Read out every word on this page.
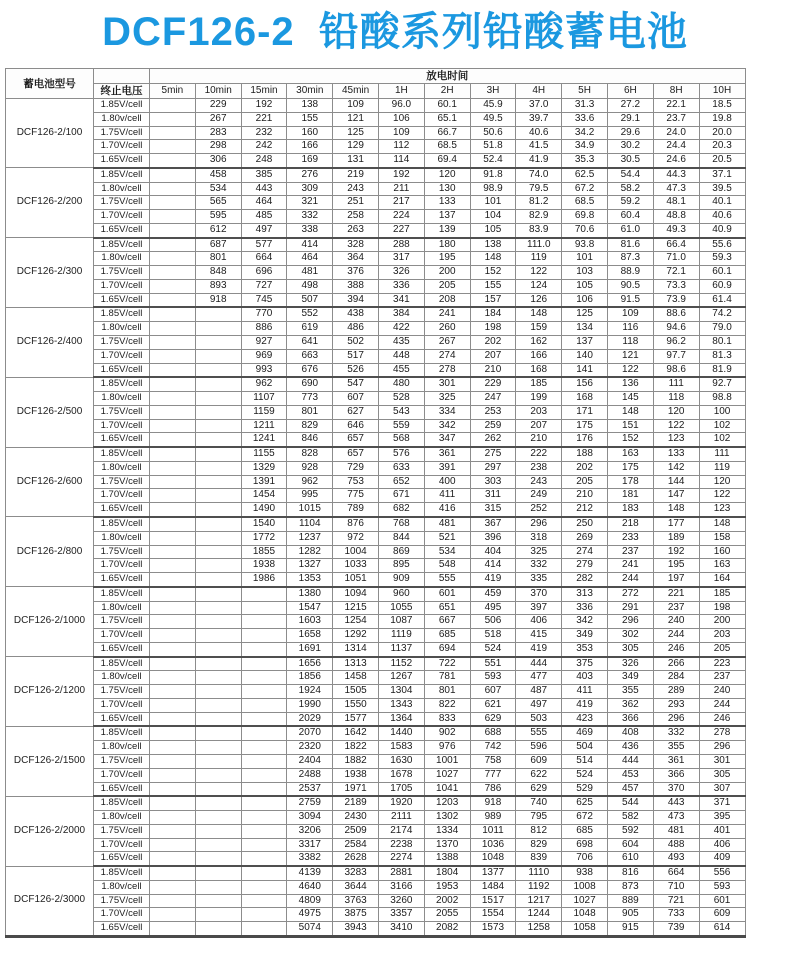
DCF126-2  铅酸系列铅酸蓄电池
蓄电池型号		放电时间												
	终止电压	5min	10min	15min	30min	45min	1H	2H	3H	4H	5H	6H	8H	10H
DCF126-2/100	1.85V/cell		229	192	138	109	96.0	60.1	45.9	37.0	31.3	27.2	22.1	18.5
	1.80v/cell		267	221	155	121	106	65.1	49.5	39.7	33.6	29.1	23.7	19.8
	1.75V/cell		283	232	160	125	109	66.7	50.6	40.6	34.2	29.6	24.0	20.0
	1.70V/cell		298	242	166	129	112	68.5	51.8	41.5	34.9	30.2	24.4	20.3
	1.65V/cell		306	248	169	131	114	69.4	52.4	41.9	35.3	30.5	24.6	20.5
DCF126-2/200	1.85V/cell		458	385	276	219	192	120	91.8	74.0	62.5	54.4	44.3	37.1
	1.80v/cell		534	443	309	243	211	130	98.9	79.5	67.2	58.2	47.3	39.5
	1.75V/cell		565	464	321	251	217	133	101	81.2	68.5	59.2	48.1	40.1
	1.70V/cell		595	485	332	258	224	137	104	82.9	69.8	60.4	48.8	40.6
	1.65V/cell		612	497	338	263	227	139	105	83.9	70.6	61.0	49.3	40.9
DCF126-2/300	1.85V/cell		687	577	414	328	288	180	138	111.0	93.8	81.6	66.4	55.6
	1.80v/cell		801	664	464	364	317	195	148	119	101	87.3	71.0	59.3
	1.75V/cell		848	696	481	376	326	200	152	122	103	88.9	72.1	60.1
	1.70V/cell		893	727	498	388	336	205	155	124	105	90.5	73.3	60.9
	1.65V/cell		918	745	507	394	341	208	157	126	106	91.5	73.9	61.4
DCF126-2/400	1.85V/cell			770	552	438	384	241	184	148	125	109	88.6	74.2
	1.80v/cell			886	619	486	422	260	198	159	134	116	94.6	79.0
	1.75V/cell			927	641	502	435	267	202	162	137	118	96.2	80.1
	1.70V/cell			969	663	517	448	274	207	166	140	121	97.7	81.3
	1.65V/cell			993	676	526	455	278	210	168	141	122	98.6	81.9
DCF126-2/500	1.85V/cell			962	690	547	480	301	229	185	156	136	111	92.7
	1.80v/cell			1107	773	607	528	325	247	199	168	145	118	98.8
	1.75V/cell			1159	801	627	543	334	253	203	171	148	120	100
	1.70V/cell			1211	829	646	559	342	259	207	175	151	122	102
	1.65V/cell			1241	846	657	568	347	262	210	176	152	123	102
DCF126-2/600	1.85V/cell			1155	828	657	576	361	275	222	188	163	133	111
	1.80v/cell			1329	928	729	633	391	297	238	202	175	142	119
	1.75V/cell			1391	962	753	652	400	303	243	205	178	144	120
	1.70V/cell			1454	995	775	671	411	311	249	210	181	147	122
	1.65V/cell			1490	1015	789	682	416	315	252	212	183	148	123
DCF126-2/800	1.85V/cell			1540	1104	876	768	481	367	296	250	218	177	148
	1.80v/cell			1772	1237	972	844	521	396	318	269	233	189	158
	1.75V/cell			1855	1282	1004	869	534	404	325	274	237	192	160
	1.70V/cell			1938	1327	1033	895	548	414	332	279	241	195	163
	1.65V/cell			1986	1353	1051	909	555	419	335	282	244	197	164
DCF126-2/1000	1.85V/cell				1380	1094	960	601	459	370	313	272	221	185
	1.80v/cell				1547	1215	1055	651	495	397	336	291	237	198
	1.75V/cell				1603	1254	1087	667	506	406	342	296	240	200
	1.70V/cell				1658	1292	1119	685	518	415	349	302	244	203
	1.65V/cell				1691	1314	1137	694	524	419	353	305	246	205
DCF126-2/1200	1.85V/cell				1656	1313	1152	722	551	444	375	326	266	223
	1.80v/cell				1856	1458	1267	781	593	477	403	349	284	237
	1.75V/cell				1924	1505	1304	801	607	487	411	355	289	240
	1.70V/cell				1990	1550	1343	822	621	497	419	362	293	244
	1.65V/cell				2029	1577	1364	833	629	503	423	366	296	246
DCF126-2/1500	1.85V/cell				2070	1642	1440	902	688	555	469	408	332	278
	1.80v/cell				2320	1822	1583	976	742	596	504	436	355	296
	1.75V/cell				2404	1882	1630	1001	758	609	514	444	361	301
	1.70V/cell				2488	1938	1678	1027	777	622	524	453	366	305
	1.65V/cell				2537	1971	1705	1041	786	629	529	457	370	307
DCF126-2/2000	1.85V/cell				2759	2189	1920	1203	918	740	625	544	443	371
	1.80v/cell				3094	2430	2111	1302	989	795	672	582	473	395
	1.75V/cell				3206	2509	2174	1334	1011	812	685	592	481	401
	1.70V/cell				3317	2584	2238	1370	1036	829	698	604	488	406
	1.65V/cell				3382	2628	2274	1388	1048	839	706	610	493	409
DCF126-2/3000	1.85V/cell				4139	3283	2881	1804	1377	1110	938	816	664	556
	1.80v/cell				4640	3644	3166	1953	1484	1192	1008	873	710	593
	1.75V/cell				4809	3763	3260	2002	1517	1217	1027	889	721	601
	1.70V/cell				4975	3875	3357	2055	1554	1244	1048	905	733	609
	1.65V/cell				5074	3943	3410	2082	1573	1258	1058	915	739	614
